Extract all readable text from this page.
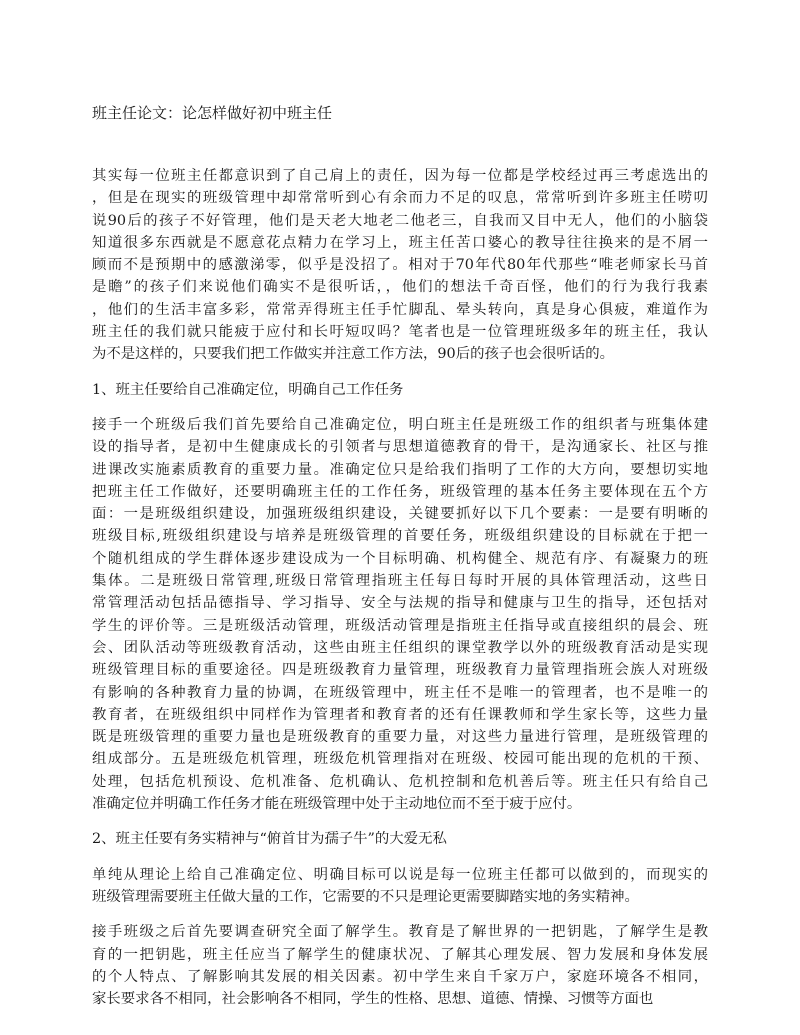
班主任论文：论怎样做好初中班主任
其实每一位班主任都意识到了自己肩上的责任，因为每一位都是学校经过再三考虑选出的
，但是在现实的班级管理中却常常听到心有余而力不足的叹息，常常听到许多班主任唠叨
说90后的孩子不好管理，他们是天老大地老二他老三，自我而又目中无人，他们的小脑袋
知道很多东西就是不愿意花点精力在学习上，班主任苦口婆心的教导往往换来的是不屑一
顾而不是预期中的感激涕零，似乎是没招了。相对于70年代80年代那些“唯老师家长马首
是瞻”的孩子们来说他们确实不是很听话，，他们的想法千奇百怪，他们的行为我行我素
，他们的生活丰富多彩，常常弄得班主任手忙脚乱、晕头转向，真是身心俱疲，难道作为
班主任的我们就只能疲于应付和长吁短叹吗？笔者也是一位管理班级多年的班主任，我认
为不是这样的，只要我们把工作做实并注意工作方法，90后的孩子也会很听话的。
1、班主任要给自己准确定位，明确自己工作任务
接手一个班级后我们首先要给自己准确定位，明白班主任是班级工作的组织者与班集体建
设的指导者，是初中生健康成长的引领者与思想道德教育的骨干，是沟通家长、社区与推
进课改实施素质教育的重要力量。准确定位只是给我们指明了工作的大方向，要想切实地
把班主任工作做好，还要明确班主任的工作任务，班级管理的基本任务主要体现在五个方
面：一是班级组织建设，加强班级组织建设，关键要抓好以下几个要素：一是要有明晰的
班级目标,班级组织建设与培养是班级管理的首要任务，班级组织建设的目标就在于把一
个随机组成的学生群体逐步建设成为一个目标明确、机构健全、规范有序、有凝聚力的班
集体。二是班级日常管理,班级日常管理指班主任每日每时开展的具体管理活动，这些日
常管理活动包括品德指导、学习指导、安全与法规的指导和健康与卫生的指导，还包括对
学生的评价等。三是班级活动管理，班级活动管理是指班主任指导或直接组织的晨会、班
会、团队活动等班级教育活动，这些由班主任组织的课堂教学以外的班级教育活动是实现
班级管理目标的重要途径。四是班级教育力量管理，班级教育力量管理指班会族人对班级
有影响的各种教育力量的协调，在班级管理中，班主任不是唯一的管理者，也不是唯一的
教育者，在班级组织中同样作为管理者和教育者的还有任课教师和学生家长等，这些力量
既是班级管理的重要力量也是班级教育的重要力量，对这些力量进行管理，是班级管理的
组成部分。五是班级危机管理，班级危机管理指对在班级、校园可能出现的危机的干预、
处理，包括危机预设、危机准备、危机确认、危机控制和危机善后等。班主任只有给自己
准确定位并明确工作任务才能在班级管理中处于主动地位而不至于疲于应付。
2、班主任要有务实精神与“俯首甘为孺子牛”的大爱无私
单纯从理论上给自己准确定位、明确目标可以说是每一位班主任都可以做到的，而现实的
班级管理需要班主任做大量的工作，它需要的不只是理论更需要脚踏实地的务实精神。
接手班级之后首先要调查研究全面了解学生。教育是了解世界的一把钥匙，了解学生是教
育的一把钥匙，班主任应当了解学生的健康状况、了解其心理发展、智力发展和身体发展
的个人特点、了解影响其发展的相关因素。初中学生来自千家万户，家庭环境各不相同，
家长要求各不相同，社会影响各不相同，学生的性格、思想、道德、情操、习惯等方面也
